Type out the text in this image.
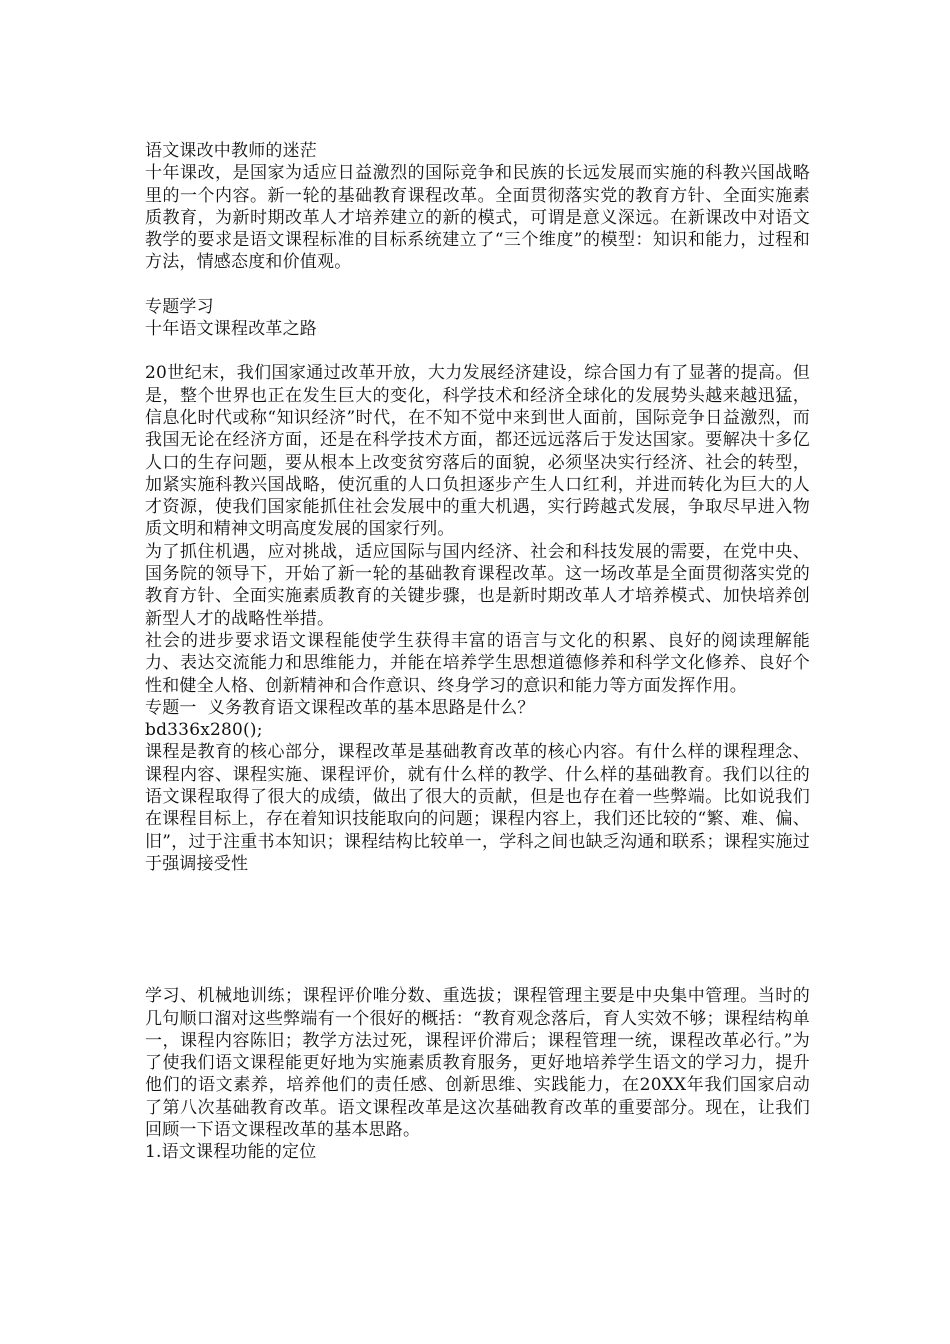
语文课改中教师的迷茫

十年课改，是国家为适应日益激烈的国际竞争和民族的长远发展而实施的科教兴国战略里的一个内容。新一轮的基础教育课程改革。全面贯彻落实党的教育方针、全面实施素质教育，为新时期改革人才培养建立的新的模式，可谓是意义深远。在新课改中对语文教学的要求是语文课程标准的目标系统建立了“三个维度”的模型：知识和能力，过程和方法，情感态度和价值观。

专题学习

十年语文课程改革之路

20世纪末，我们国家通过改革开放，大力发展经济建设，综合国力有了显著的提高。但是，整个世界也正在发生巨大的变化，科学技术和经济全球化的发展势头越来越迅猛，信息化时代或称“知识经济”时代，在不知不觉中来到世人面前，国际竞争日益激烈，而我国无论在经济方面，还是在科学技术方面，都还远远落后于发达国家。要解决十多亿人口的生存问题，要从根本上改变贫穷落后的面貌，必须坚决实行经济、社会的转型，加紧实施科教兴国战略，使沉重的人口负担逐步产生人口红利，并进而转化为巨大的人才资源，使我们国家能抓住社会发展中的重大机遇，实行跨越式发展，争取尽早进入物质文明和精神文明高度发展的国家行列。

为了抓住机遇，应对挑战，适应国际与国内经济、社会和科技发展的需要，在党中央、国务院的领导下，开始了新一轮的基础教育课程改革。这一场改革是全面贯彻落实党的教育方针、全面实施素质教育的关键步骤，也是新时期改革人才培养模式、加快培养创新型人才的战略性举措。

社会的进步要求语文课程能使学生获得丰富的语言与文化的积累、良好的阅读理解能力、表达交流能力和思维能力，并能在培养学生思想道德修养和科学文化修养、良好个性和健全人格、创新精神和合作意识、终身学习的意识和能力等方面发挥作用。

专题一  义务教育语文课程改革的基本思路是什么？

bd336x280();

课程是教育的核心部分，课程改革是基础教育改革的核心内容。有什么样的课程理念、课程内容、课程实施、课程评价，就有什么样的教学、什么样的基础教育。我们以往的语文课程取得了很大的成绩，做出了很大的贡献，但是也存在着一些弊端。比如说我们在课程目标上，存在着知识技能取向的问题；课程内容上，我们还比较的“繁、难、偏、旧”，过于注重书本知识；课程结构比较单一，学科之间也缺乏沟通和联系；课程实施过于强调接受性

学习、机械地训练；课程评价唯分数、重选拔；课程管理主要是中央集中管理。当时的几句顺口溜对这些弊端有一个很好的概括：“教育观念落后，育人实效不够；课程结构单一，课程内容陈旧；教学方法过死，课程评价滞后；课程管理一统，课程改革必行。”为了使我们语文课程能更好地为实施素质教育服务，更好地培养学生语文的学习力，提升他们的语文素养，培养他们的责任感、创新思维、实践能力，在20XX年我们国家启动了第八次基础教育改革。语文课程改革是这次基础教育改革的重要部分。现在，让我们回顾一下语文课程改革的基本思路。

1.语文课程功能的定位
